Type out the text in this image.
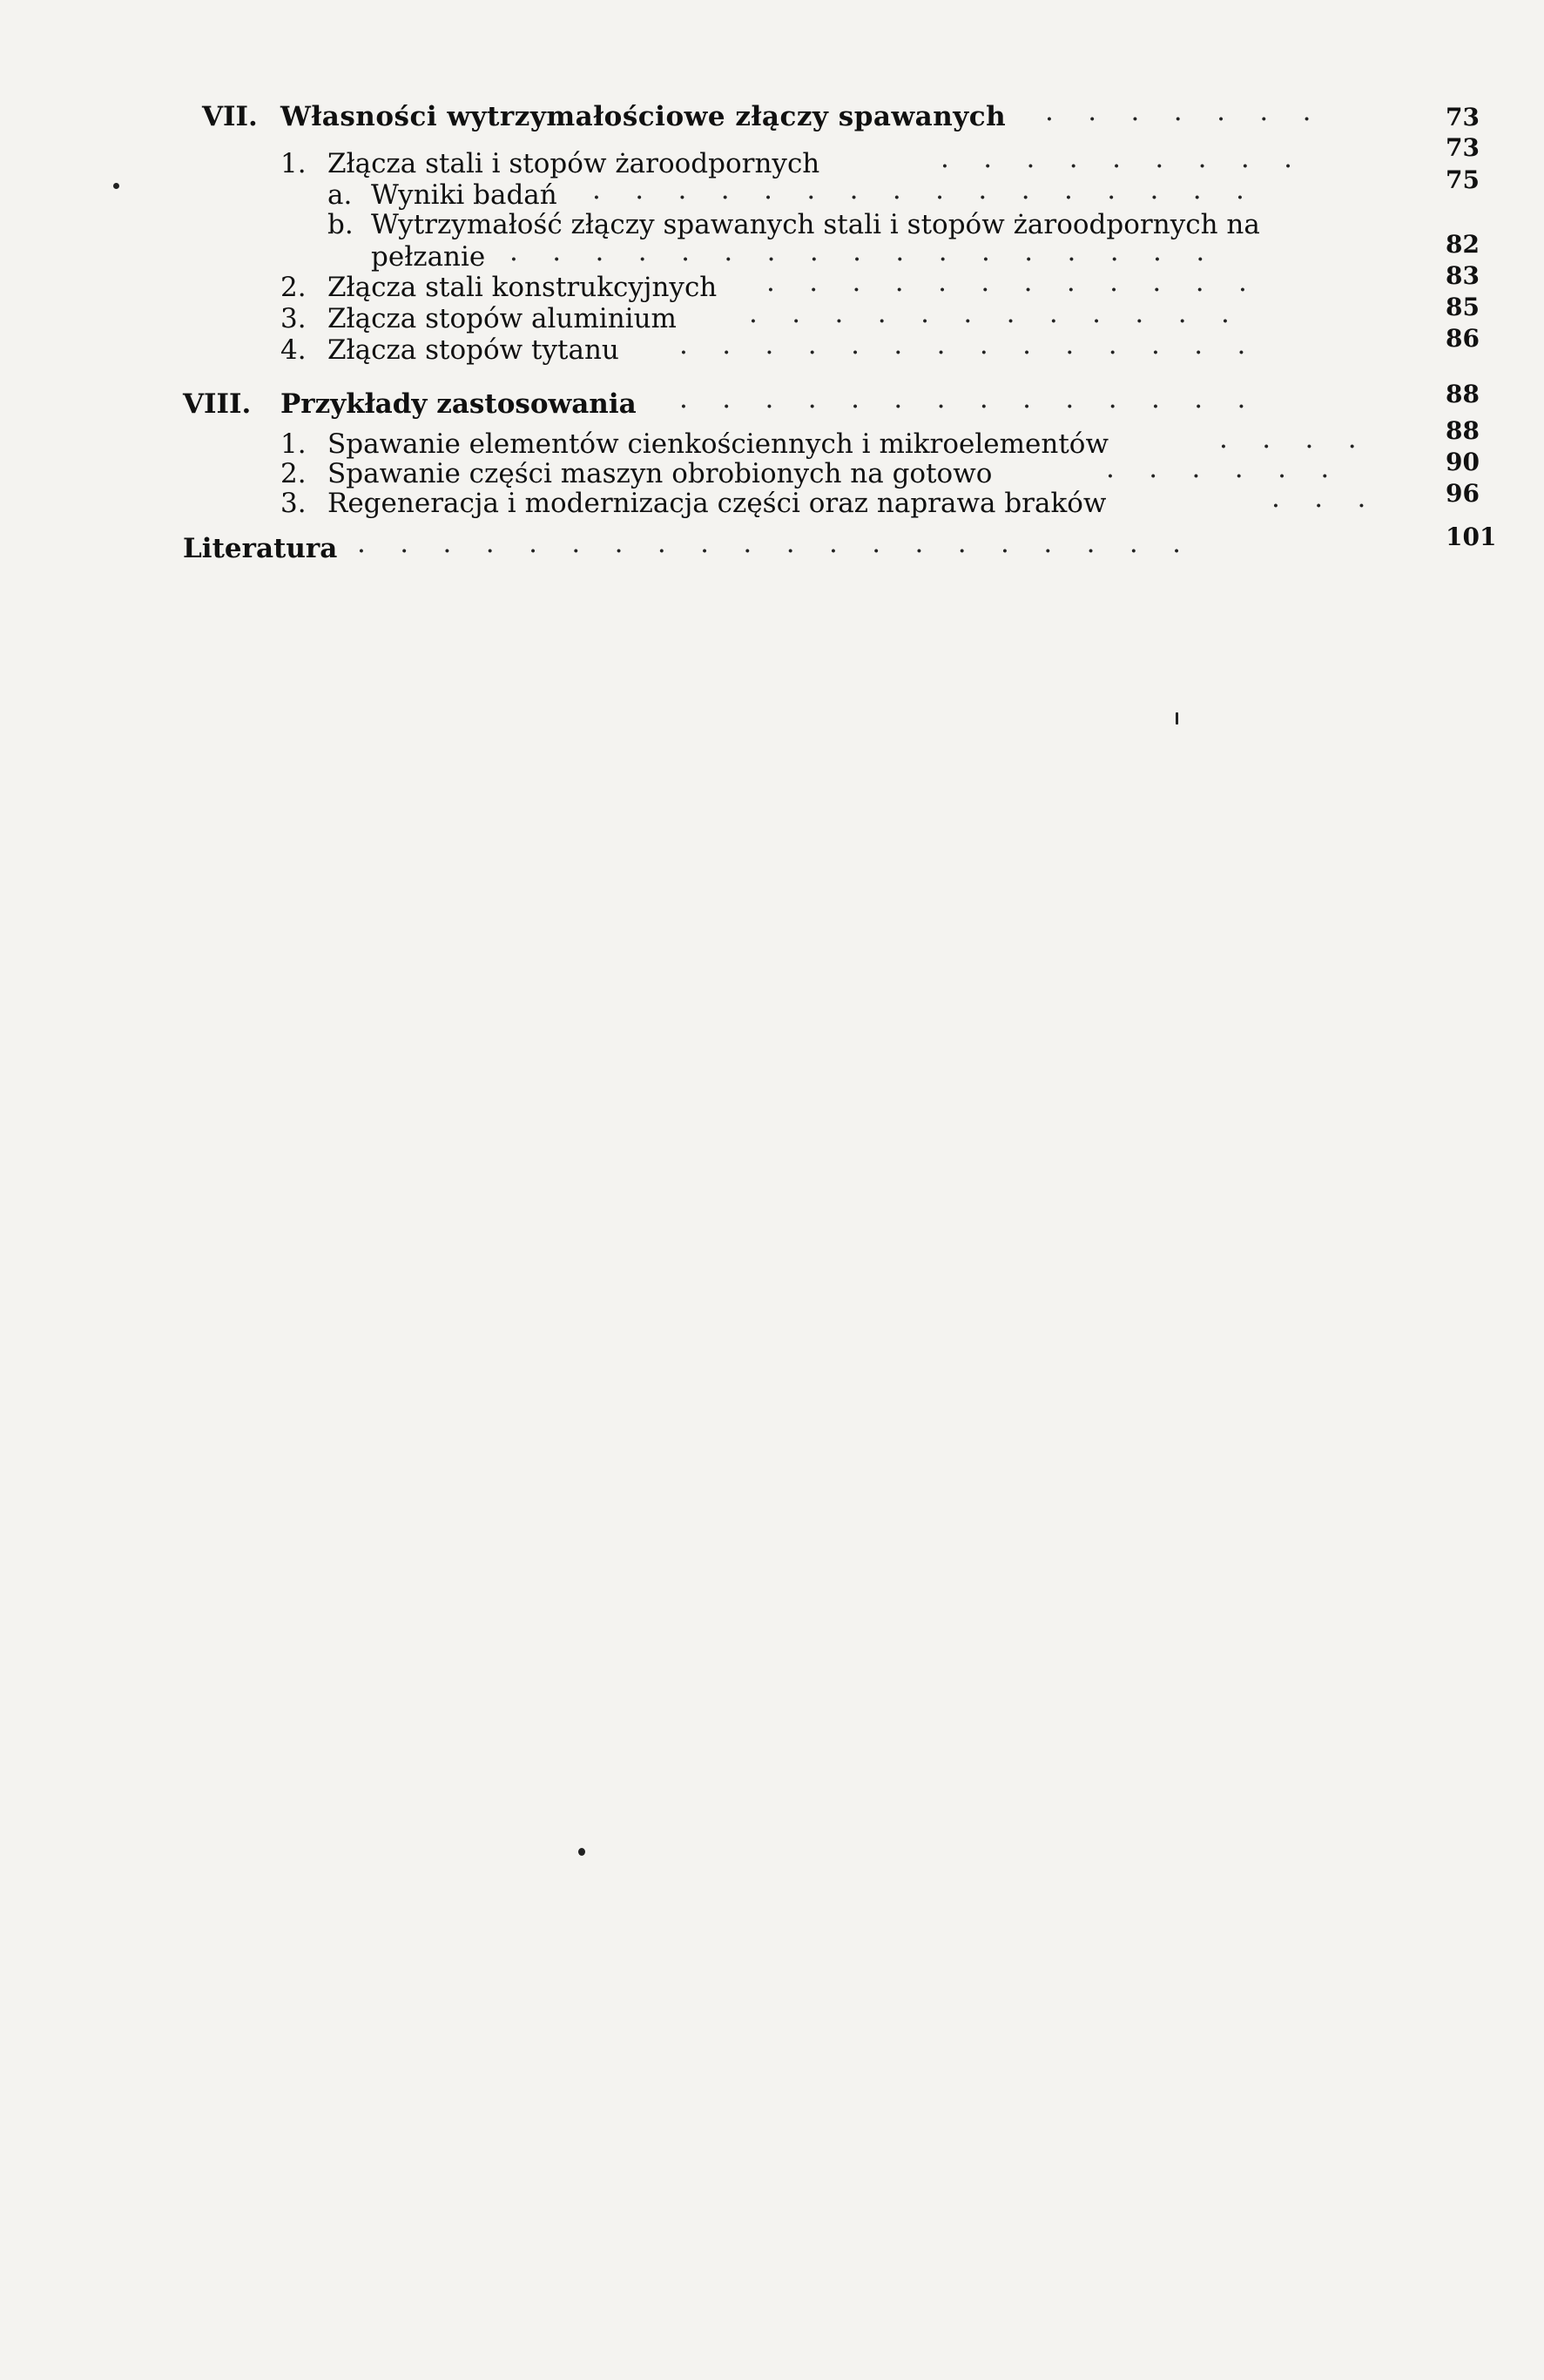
VII. Własności wytrzymałościowe złączy spawanych .    .    .    .    .    .    .	73
1. Złącza stali i stopów żaroodpornych	.    .    .    .    .    .    .    .    .	73
a. Wyniki badań .    .    .    .    .    .    .    .    .    .    .    .    .    .    .    .	75
b. Wytrzymałość złączy spawanych stali i stopów żaroodpornych na
pełzanie .    .    .    .    .    .    .    .    .    .    .    .    .    .    .    .    .	82
2. Złącza stali konstrukcyjnych .    .    .    .    .    .    .    .    .    .    .    .	83
3. Złącza stopów aluminium	.    .    .    .    .    .    .    .    .    .    .    .	85
4. Złącza stopów tytanu .    .    .    .    .    .    .    .    .    .    .    .    .    .	86
VIII. Przykłady zastosowania .    .    .    .    .    .    .    .    .    .    .    .    .    .	88
1. Spawanie elementów cienkościennych i mikroelementów	.    .    .    .	88
2. Spawanie części maszyn obrobionych na gotowo	.    .    .    .    .    .	90
3. Regeneracja i modernizacja części oraz naprawa braków	.    .    .	96
Literatura .    .    .    .    .    .    .    .    .    .    .    .    .    .    .    .    .    .    .    .	101
